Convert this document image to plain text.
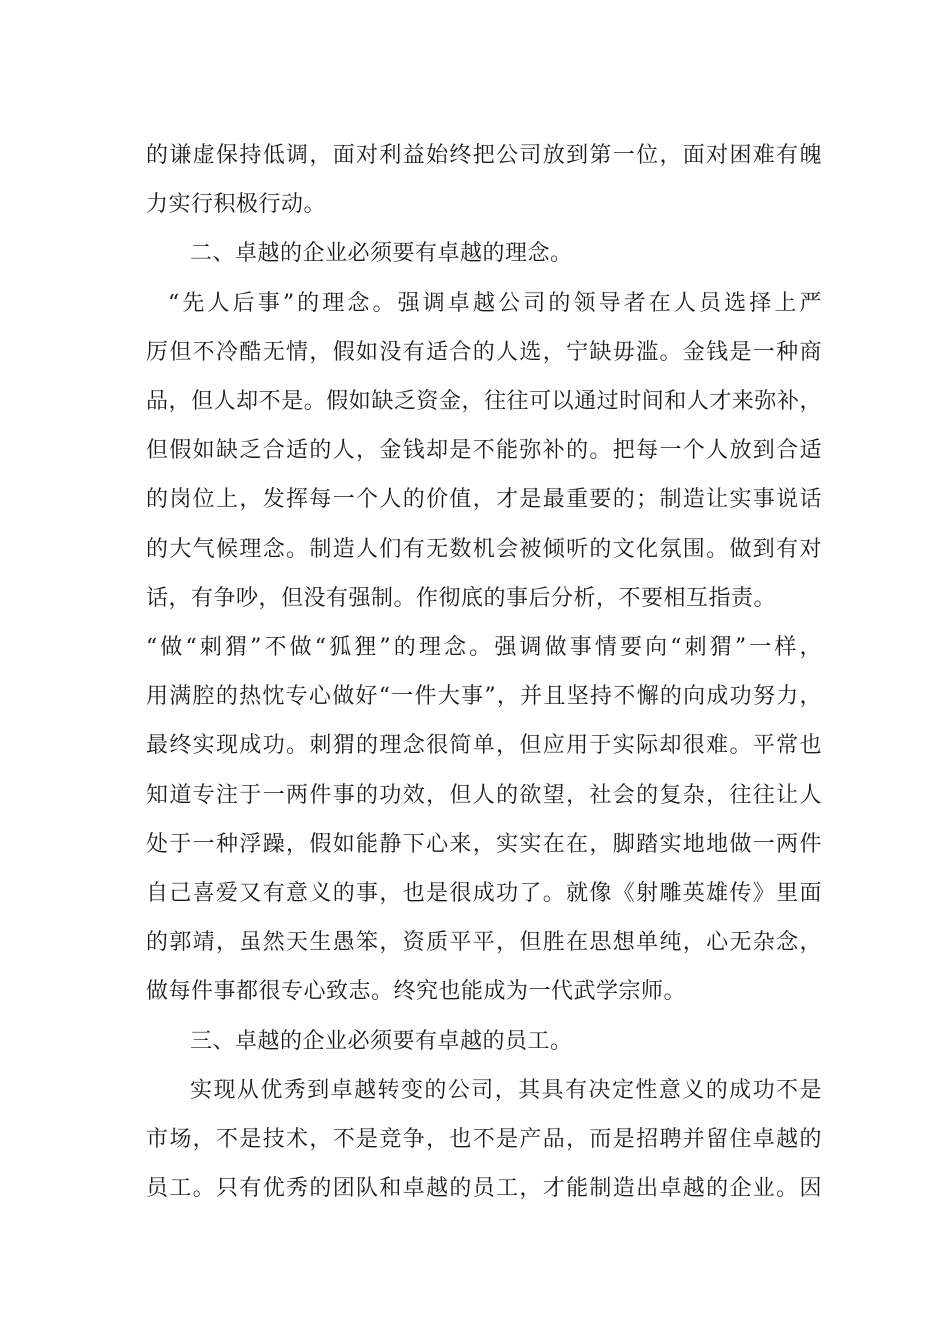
的谦虚保持低调，面对利益始终把公司放到第一位，面对困难有魄
力实行积极行动。

二、卓越的企业必须要有卓越的理念。

“先人后事”的理念。强调卓越公司的领导者在人员选择上严
厉但不冷酷无情，假如没有适合的人选，宁缺毋滥。金钱是一种商
品，但人却不是。假如缺乏资金，往往可以通过时间和人才来弥补，
但假如缺乏合适的人，金钱却是不能弥补的。把每一个人放到合适
的岗位上，发挥每一个人的价值，才是最重要的；制造让实事说话
的大气候理念。制造人们有无数机会被倾听的文化氛围。做到有对
话，有争吵，但没有强制。作彻底的事后分析，不要相互指责。
“做“刺猬”不做“狐狸”的理念。强调做事情要向“刺猬”一样，
用满腔的热忱专心做好“一件大事”，并且坚持不懈的向成功努力，
最终实现成功。刺猬的理念很简单，但应用于实际却很难。平常也
知道专注于一两件事的功效，但人的欲望，社会的复杂，往往让人
处于一种浮躁，假如能静下心来，实实在在，脚踏实地地做一两件
自己喜爱又有意义的事，也是很成功了。就像《射雕英雄传》里面
的郭靖，虽然天生愚笨，资质平平，但胜在思想单纯，心无杂念，
做每件事都很专心致志。终究也能成为一代武学宗师。

三、卓越的企业必须要有卓越的员工。

实现从优秀到卓越转变的公司，其具有决定性意义的成功不是
市场，不是技术，不是竞争，也不是产品，而是招聘并留住卓越的
员工。只有优秀的团队和卓越的员工，才能制造出卓越的企业。因
